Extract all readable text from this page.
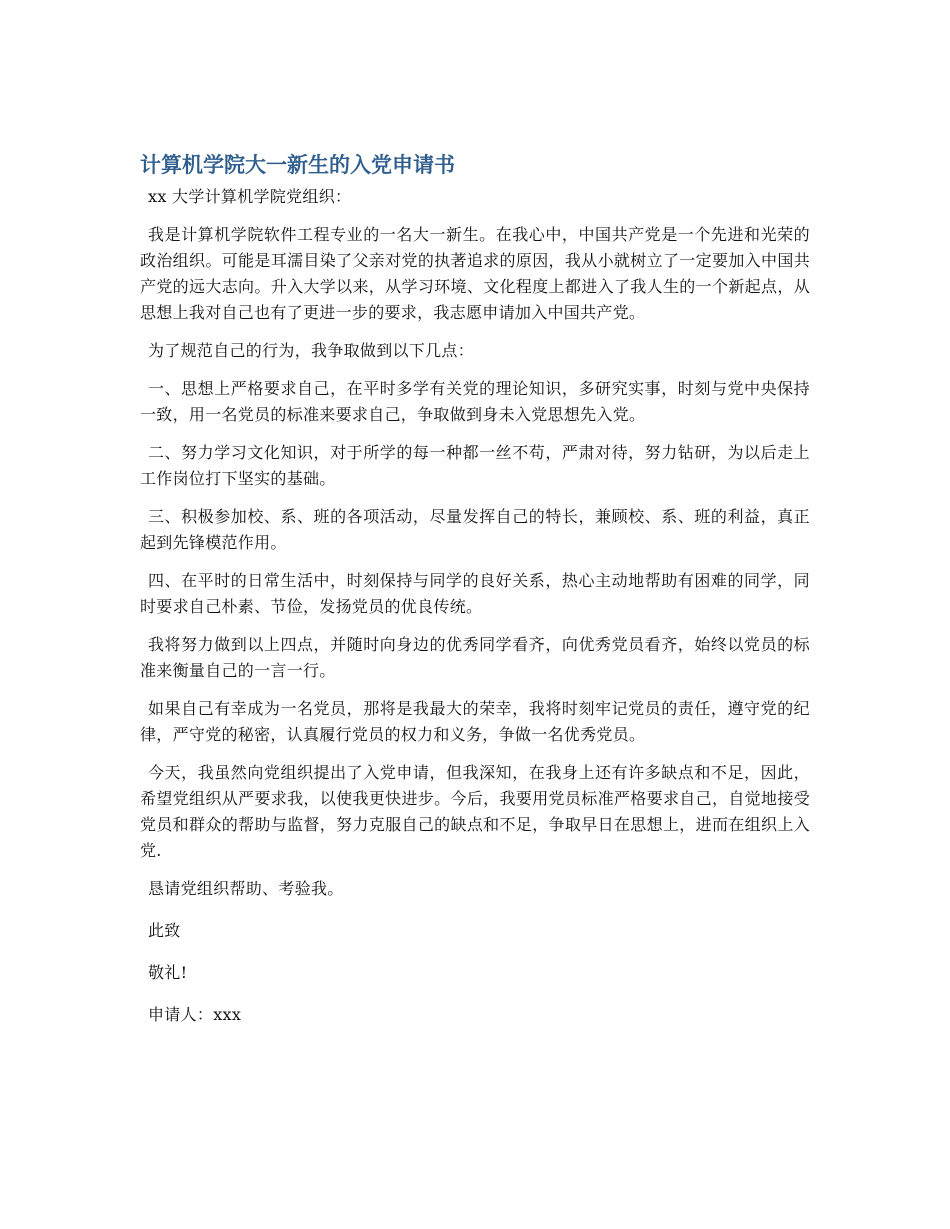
计算机学院大一新生的入党申请书

xx 大学计算机学院党组织：

我是计算机学院软件工程专业的一名大一新生。在我心中，中国共产党是一个先进和光荣的政治组织。可能是耳濡目染了父亲对党的执著追求的原因，我从小就树立了一定要加入中国共产党的远大志向。升入大学以来，从学习环境、文化程度上都进入了我人生的一个新起点，从思想上我对自己也有了更进一步的要求，我志愿申请加入中国共产党。

为了规范自己的行为，我争取做到以下几点：

一、思想上严格要求自己，在平时多学有关党的理论知识，多研究实事，时刻与党中央保持一致，用一名党员的标准来要求自己，争取做到身未入党思想先入党。

二、努力学习文化知识，对于所学的每一种都一丝不苟，严肃对待，努力钻研，为以后走上工作岗位打下坚实的基础。

三、积极参加校、系、班的各项活动，尽量发挥自己的特长，兼顾校、系、班的利益，真正起到先锋模范作用。

四、在平时的日常生活中，时刻保持与同学的良好关系，热心主动地帮助有困难的同学，同时要求自己朴素、节俭，发扬党员的优良传统。

我将努力做到以上四点，并随时向身边的优秀同学看齐，向优秀党员看齐，始终以党员的标准来衡量自己的一言一行。

如果自己有幸成为一名党员，那将是我最大的荣幸，我将时刻牢记党员的责任，遵守党的纪律，严守党的秘密，认真履行党员的权力和义务，争做一名优秀党员。

今天，我虽然向党组织提出了入党申请，但我深知，在我身上还有许多缺点和不足，因此，希望党组织从严要求我，以使我更快进步。今后，我要用党员标准严格要求自己，自觉地接受党员和群众的帮助与监督，努力克服自己的缺点和不足，争取早日在思想上，进而在组织上入党.

恳请党组织帮助、考验我。

此致

敬礼!

申请人：xxx
